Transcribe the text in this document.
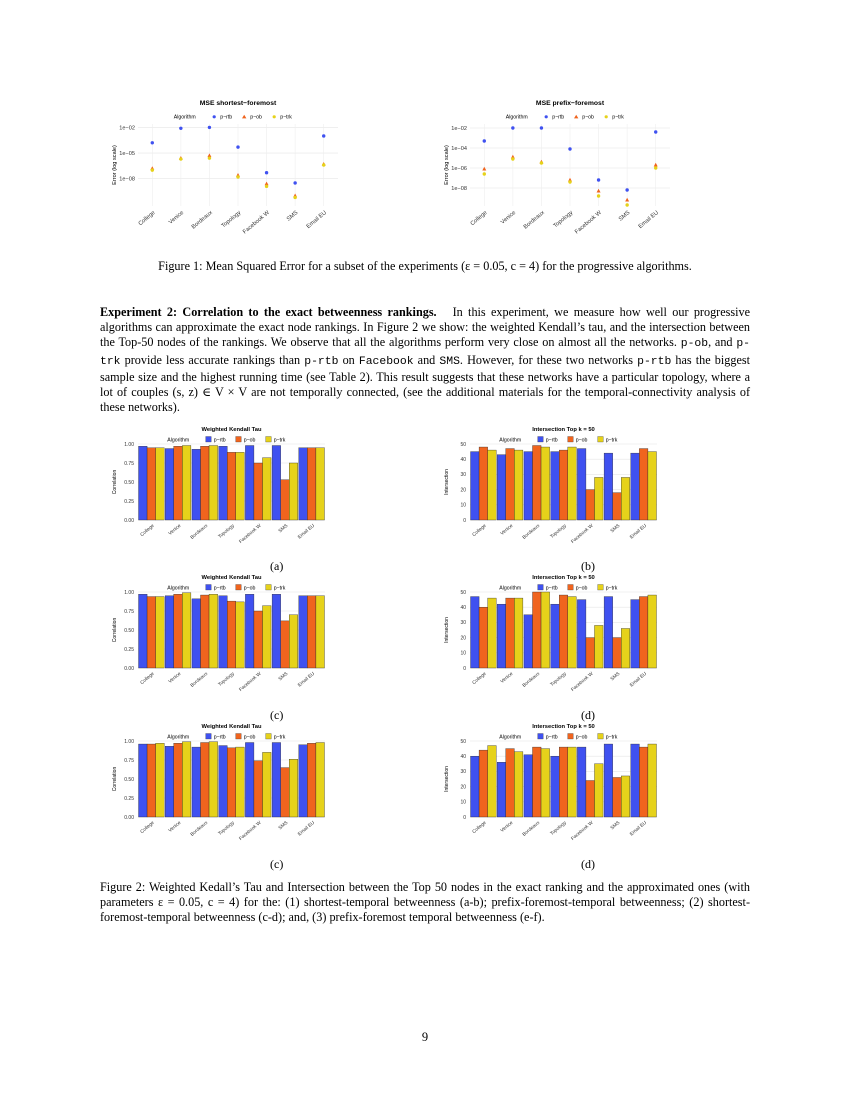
MSE shortest−foremost
Algorithm	p−rtb	p−ob	p−trk
1e−02
1e−05
1e−08
Error (log scale)
College Venice Bordeaux Topology Facebook W	SMS Email EU
MSE prefix−foremost
Algorithm	p−rtb	p−ob	p−trk
1e−02
1e−04
1e−06
1e−08
Error (log scale)
College Venice Bordeaux Topology Facebook W	SMS Email EU
Figure 1: Mean Squared Error for a subset of the experiments (ε = 0.05, c = 4) for the progressive algorithms.
Experiment 2: Correlation to the exact betweenness rankings. In this experiment, we measure how well our progressive algorithms can approximate the exact node rankings. In Figure 2 we show: the weighted Kendall’s tau, and the intersection between the Top-50 nodes of the rankings. We observe that all the algorithms perform very close on almost all the networks. p-ob, and p-trk provide less accurate rankings than p-rtb on Facebook and SMS. However, for these two networks p-rtb has the biggest sample size and the highest running time (see Table 2). This result suggests that these networks have a particular topology, where a lot of couples (s, z) ∈ V × V are not temporally connected, (see the additional materials for the temporal-connectivity analysis of these networks).
Weighted Kendall Tau
Algorithm	p−rtb	p−ob	p−trk
0.00
0.25
0.50
0.75
1.00
Correlation
College	Venice Bordeaux Topology Facebook W	SMS Email EU
Intersection Top k = 50
Algorithm	p−rtb	p−ob	p−trk
0
10
20
30
40
50
Intersection
College	Venice Bordeaux Topology Facebook W	SMS Email EU
Weighted Kendall Tau
Algorithm	p−rtb	p−ob	p−trk
0.00
0.25
0.50
0.75
1.00
Correlation
College	Venice Bordeaux Topology Facebook W	SMS Email EU
Intersection Top k = 50
Algorithm	p−rtb	p−ob	p−trk
0
10
20
30
40
50
Intersection
College	Venice Bordeaux Topology Facebook W	SMS Email EU
Weighted Kendall Tau
Algorithm	p−rtb	p−ob	p−trk
0.00
0.25
0.50
0.75
1.00
Correlation
College	Venice Bordeaux Topology Facebook W	SMS Email EU
Intersection Top k = 50
Algorithm	p−rtb	p−ob	p−trk
0
10
20
30
40
50
Intersection
College	Venice Bordeaux Topology Facebook W	SMS Email EU
(a)	(b)
(c)	(d)
(c)	(d)
Figure 2: Weighted Kedall’s Tau and Intersection between the Top 50 nodes in the exact ranking and the approximated ones (with parameters ε = 0.05, c = 4) for the: (1) shortest-temporal betweenness (a-b); prefix-foremost-temporal betweenness; (2) shortest-foremost-temporal betweenness (c-d); and, (3) prefix-foremost temporal betweenness (e-f).
9
